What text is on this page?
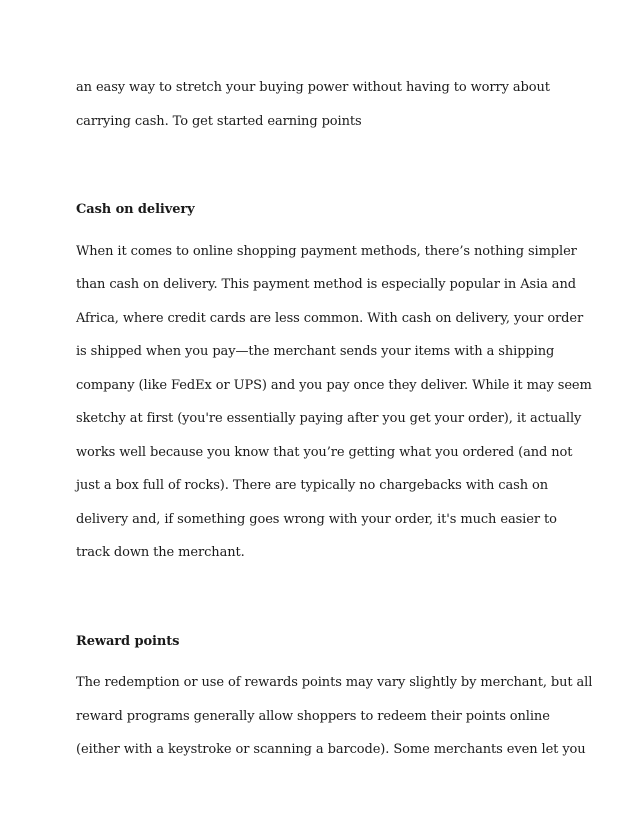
an easy way to stretch your buying power without having to worry about
carrying cash. To get started earning points
Cash on delivery
When it comes to online shopping payment methods, there’s nothing simpler
than cash on delivery. This payment method is especially popular in Asia and
Africa, where credit cards are less common. With cash on delivery, your order
is shipped when you pay—the merchant sends your items with a shipping
company (like FedEx or UPS) and you pay once they deliver. While it may seem
sketchy at first (you're essentially paying after you get your order), it actually
works well because you know that you’re getting what you ordered (and not
just a box full of rocks). There are typically no chargebacks with cash on
delivery and, if something goes wrong with your order, it's much easier to
track down the merchant.
Reward points
The redemption or use of rewards points may vary slightly by merchant, but all
reward programs generally allow shoppers to redeem their points online
(either with a keystroke or scanning a barcode). Some merchants even let you
